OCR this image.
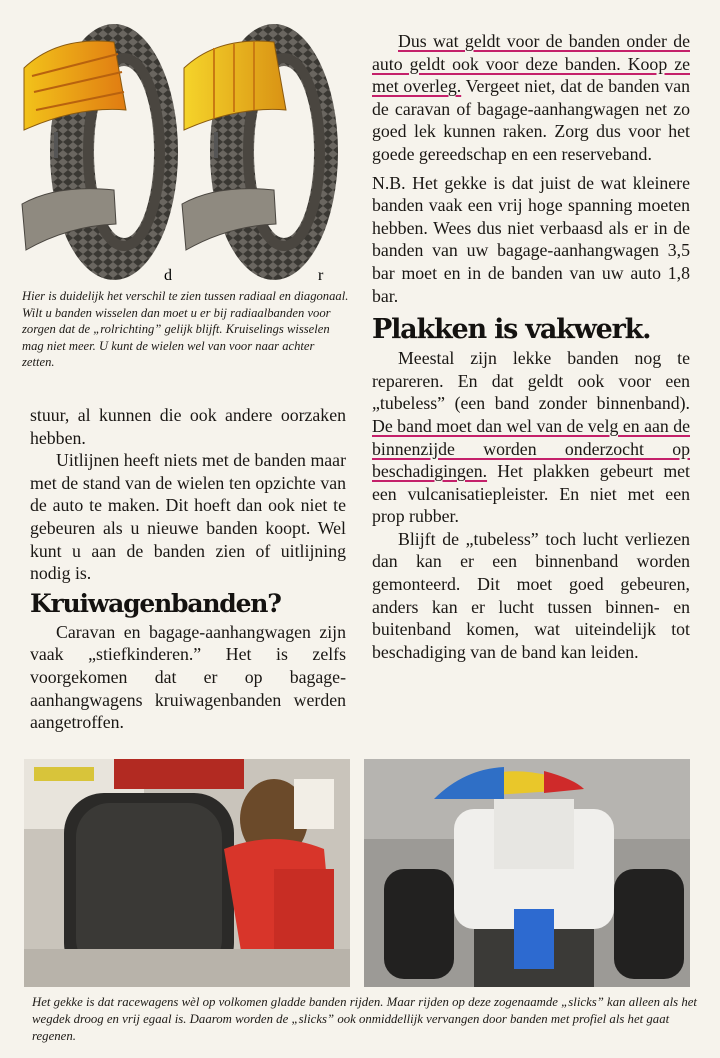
d	r
Hier is duidelijk het verschil te zien tussen radiaal en diagonaal. Wilt u banden wisselen dan moet u er bij radiaalbanden voor zorgen dat de „rolrichting” gelijk blijft. Kruiselings wisselen mag niet meer. U kunt de wielen wel van voor naar achter zetten.

stuur, al kunnen die ook andere oorzaken hebben.

Uitlijnen heeft niets met de banden maar met de stand van de wielen ten opzichte van de auto te maken. Dit hoeft dan ook niet te gebeuren als u nieuwe banden koopt. Wel kunt u aan de banden zien of uitlijning nodig is.

Kruiwagenbanden?

Caravan en bagage-aanhangwagen zijn vaak „stiefkinderen.” Het is zelfs voorgekomen dat er op bagage-aanhangwagens kruiwagenbanden werden aangetroffen.

Dus wat geldt voor de banden onder de auto geldt ook voor deze banden. Koop ze met overleg. Vergeet niet, dat de banden van de caravan of bagage-aanhangwagen net zo goed lek kunnen raken. Zorg dus voor het goede gereedschap en een reserveband.

N.B. Het gekke is dat juist de wat kleinere banden vaak een vrij hoge spanning moeten hebben. Wees dus niet verbaasd als er in de banden van uw bagage-aanhangwagen 3,5 bar moet en in de banden van uw auto 1,8 bar.

Plakken is vakwerk.

Meestal zijn lekke banden nog te repareren. En dat geldt ook voor een „tubeless” (een band zonder binnenband). De band moet dan wel van de velg en aan de binnenzijde worden onderzocht op beschadigingen. Het plakken gebeurt met een vulcanisatiepleister. En niet met een prop rubber.

Blijft de „tubeless” toch lucht verliezen dan kan er een binnenband worden gemonteerd. Dit moet goed gebeuren, anders kan er lucht tussen binnen- en buitenband komen, wat uiteindelijk tot beschadiging van de band kan leiden.

Het gekke is dat racewagens wèl op volkomen gladde banden rijden. Maar rijden op deze zogenaamde „slicks” kan alleen als het wegdek droog en vrij egaal is. Daarom worden de „slicks” ook onmiddellijk vervangen door banden met profiel als het gaat regenen.
